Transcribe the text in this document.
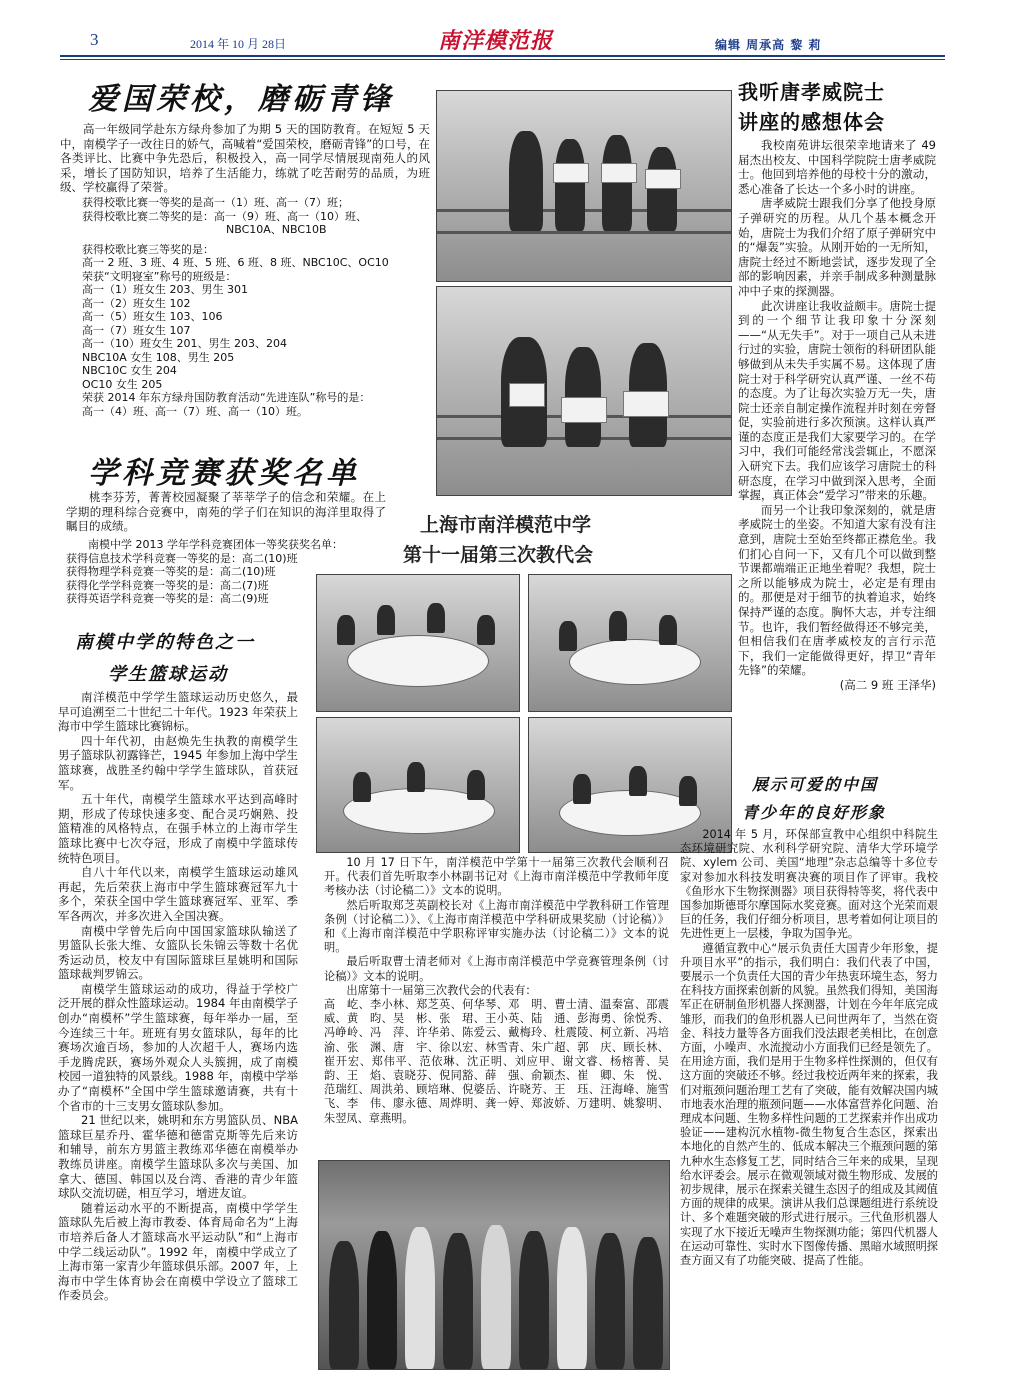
3	2014 年 10 月 28日	南洋模范报	编辑 周承高 黎 莉
爱国荣校，磨砺青锋

高一年级同学赴东方绿舟参加了为期 5 天的国防教育。在短短 5 天中，南模学子一改往日的娇气，高喊着“爱国荣校，磨砺青锋”的口号，在各类评比、比赛中争先恐后，积极投入，高一同学尽情展现南苑人的风采，增长了国防知识，培养了生活能力，练就了吃苦耐劳的品质，为班级、学校赢得了荣誉。

获得校歌比赛一等奖的是高一（1）班、高一（7）班；
获得校歌比赛二等奖的是：高一（9）班、高一（10）班、
NBC10A、NBC10B
获得校歌比赛三等奖的是：
高一 2 班、3 班、4 班、5 班、6 班、8 班、NBC10C、OC10
荣获“文明寝室”称号的班级是：
高一（1）班女生 203、男生 301
高一（2）班女生 102
高一（5）班女生 103、106
高一（7）班女生 107
高一（10）班女生 201、男生 203、204
NBC10A 女生 108、男生 205
NBC10C 女生 204
OC10 女生 205
荣获 2014 年东方绿舟国防教育活动“先进连队”称号的是：
高一（4）班、高一（7）班、高一（10）班。
学科竞赛获奖名单

桃李芬芳，菁菁校园凝聚了莘莘学子的信念和荣耀。在上学期的理科综合竞赛中，南苑的学子们在知识的海洋里取得了瞩目的成绩。

南模中学 2013 学年学科竞赛团体一等奖获奖名单：
获得信息技术学科竞赛一等奖的是：高二(10)班
获得物理学科竞赛一等奖的是：高二(10)班
获得化学学科竞赛一等奖的是：高二(7)班
获得英语学科竞赛一等奖的是：高二(9)班
南模中学的特色之一
学生篮球运动

南洋模范中学学生篮球运动历史悠久，最早可追溯至二十世纪二十年代。1923 年荣获上海市中学生篮球比赛锦标。

四十年代初，由赵焕先生执教的南模学生男子篮球队初露锋芒，1945 年参加上海中学生篮球赛，战胜圣约翰中学学生篮球队，首获冠军。

五十年代，南模学生篮球水平达到高峰时期，形成了传球快速多变、配合灵巧娴熟、投篮精准的风格特点，在强手林立的上海市学生篮球比赛中七次夺冠，形成了南模中学篮球传统特色项目。

自八十年代以来，南模学生篮球运动雄风再起，先后荣获上海市中学生篮球赛冠军九十多个，荣获全国中学生篮球赛冠军、亚军、季军各两次，并多次进入全国决赛。

南模中学曾先后向中国国家篮球队输送了男篮队长张大维、女篮队长朱锦云等数十名优秀运动员，校友中有国际篮球巨星姚明和国际篮球裁判罗锦云。

南模学生篮球运动的成功，得益于学校广泛开展的群众性篮球运动。1984 年由南模学子创办“南模杯”学生篮球赛，每年举办一届，至今连续三十年。班班有男女篮球队，每年的比赛场次逾百场，参加的人次超千人，赛场内选手龙腾虎跃，赛场外观众人头簇拥，成了南模校园一道独特的风景线。1988 年，南模中学举办了“南模杯”全国中学生篮球邀请赛，共有十个省市的十三支男女篮球队参加。

21 世纪以来，姚明和东方男篮队员、NBA 篮球巨星乔丹、霍华德和德雷克斯等先后来访和辅导，前东方男篮主教练邓华德在南模举办教练员讲座。南模学生篮球队多次与美国、加拿大、德国、韩国以及台湾、香港的青少年篮球队交流切磋，相互学习，增进友谊。

随着运动水平的不断提高，南模中学学生篮球队先后被上海市教委、体育局命名为“上海市培养后备人才篮球高水平运动队”和“上海市中学二线运动队”。1992 年，南模中学成立了上海市第一家青少年篮球俱乐部。2007 年，上海市中学生体育协会在南模中学设立了篮球工作委员会。

上海市南洋模范中学
第十一届第三次教代会

10 月 17 日下午，南洋模范中学第十一届第三次教代会顺利召开。代表们首先听取李小林副书记对《上海市南洋模范中学教师年度考核办法（讨论稿二）》文本的说明。

然后听取郑芝英副校长对《上海市南洋模范中学教科研工作管理条例（讨论稿二）》、《上海市南洋模范中学科研成果奖励（讨论稿）》和《上海市南洋模范中学职称评审实施办法（讨论稿二）》文本的说明。

最后听取曹士清老师对《上海市南洋模范中学竞赛管理条例（讨论稿）》文本的说明。

出席第十一届第三次教代会的代表有：

高　屹、李小林、郑芝英、何华琴、邓　明、曹士清、温秦富、邵震威、黄　昀、吴　彬、张　珺、王小英、陆　通、彭海勇、徐悦秀、冯峥岭、冯　萍、许华弟、陈爱云、戴梅玲、杜震陵、柯立新、冯培渝、张　渊、唐　宇、徐以宏、林雪青、朱广超、郭　庆、顾长林、崔开宏、郑伟平、范依琳、沈正明、刘应甲、谢文睿、杨榕菁、吴　韵、王　焰、袁晓芬、倪同豁、薛　强、俞颖杰、崔　卿、朱　悦、范瑞红、周洪弟、顾培琳、倪婆岳、许晓芳、王　珏、汪海峰、施雪飞、李　伟、廖永德、周烨明、龚一婷、郑波娇、万建明、姚黎明、朱翌凤、章燕明。

我听唐孝威院士
讲座的感想体会

我校南苑讲坛很荣幸地请来了 49 届杰出校友、中国科学院院士唐孝威院士。他回到培养他的母校十分的激动，悉心准备了长达一个多小时的讲座。

唐孝威院士跟我们分享了他投身原子弹研究的历程。从几个基本概念开始，唐院士为我们介绍了原子弹研究中的“爆轰”实验。从刚开始的一无所知，唐院士经过不断地尝试，逐步发现了全部的影响因素，并亲手制成多种测量脉冲中子束的探测器。

此次讲座让我收益颇丰。唐院士提到的一个细节让我印象十分深刻——“从无失手”。对于一项自己从未进行过的实验，唐院士领衔的科研团队能够做到从未失手实属不易。这体现了唐院士对于科学研究认真严谨、一丝不苟的态度。为了让每次实验万无一失，唐院士还亲自制定操作流程并时刻在旁督促，实验前进行多次预演。这样认真严谨的态度正是我们大家要学习的。在学习中，我们可能经常浅尝辄止，不愿深入研究下去。我们应该学习唐院士的科研态度，在学习中做到深入思考，全面掌握，真正体会“爱学习”带来的乐趣。

而另一个让我印象深刻的，就是唐孝威院士的坐姿。不知道大家有没有注意到，唐院士至始至终都正襟危坐。我们扪心自问一下，又有几个可以做到整节课都端端正正地坐着呢？我想，院士之所以能够成为院士，必定是有理由的。那便是对于细节的执着追求，始终保持严谨的态度。胸怀大志，并专注细节。也许，我们暂经做得还不够完美，但相信我们在唐孝威校友的言行示范下，我们一定能做得更好，捍卫“青年先锋”的荣耀。

(高二 9 班 王泽华)

展示可爱的中国
青少年的良好形象

2014 年 5 月，环保部宣教中心组织中科院生态环境研究院、水利科学研究院、清华大学环境学院、xylem 公司、美国“地理”杂志总编等十多位专家对参加水科技发明赛决赛的项目作了评审。我校《鱼形水下生物探测器》项目获得特等奖，将代表中国参加斯德哥尔摩国际水奖竞赛。面对这个光荣而艰巨的任务，我们仔细分析项目，思考着如何让项目的先进性更上一层楼，争取为国争光。

遵循宣教中心“展示负责任大国青少年形象，提升项目水平”的指示，我们明白：我们代表了中国，要展示一个负责任大国的青少年热衷环境生态，努力在科技方面探索创新的风貌。虽然我们得知，美国海军正在研制鱼形机器人探测器，计划在今年年底完成雏形，而我们的鱼形机器人已问世两年了，当然在资金、科技力量等各方面我们没法跟老美相比，在创意方面，小噪声、水流搅动小方面我们已经是领先了。在用途方面，我们是用于生物多样性探测的，但仅有这方面的突破还不够。经过我校近两年来的探索，我们对瓶颈问题治理工艺有了突破，能有效解决国内城市地表水治理的瓶颈问题——水体富营养化问题、治理成本问题、生物多样性问题的工艺探索并作出成功验证——建构沉水植物-微生物复合生态区，探索出本地化的自然产生的、低成本解决三个瓶颈问题的第九种水生态修复工艺，同时结合三年来的成果，呈现给水评委会。展示在微观领域对微生物形成、发展的初步规律，展示在探索关键生态因子的组成及其阈值方面的规律的成果。演讲从我们总课题组进行系统设计、多个难题突破的形式进行展示。三代鱼形机器人实现了水下接近无噪声生物探测功能；第四代机器人在运动可靠性、实时水下图像传播、黑暗水域照明探查方面又有了功能突破、提高了性能。
